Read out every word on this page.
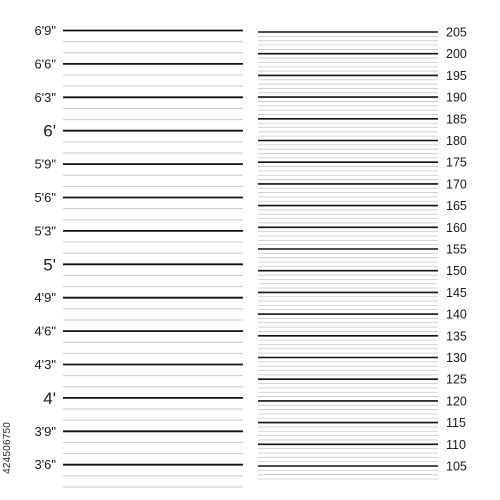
6'9"
6'6"
6'3"
6'
5'9"
5'6"
5'3"
5'
4'9"
4'6"
4'3"
4'
3'9"
3'6"
205
200
195
190
185
180
175
170
165
160
155
150
145
140
135
130
125
120
115
110
105
424506750
